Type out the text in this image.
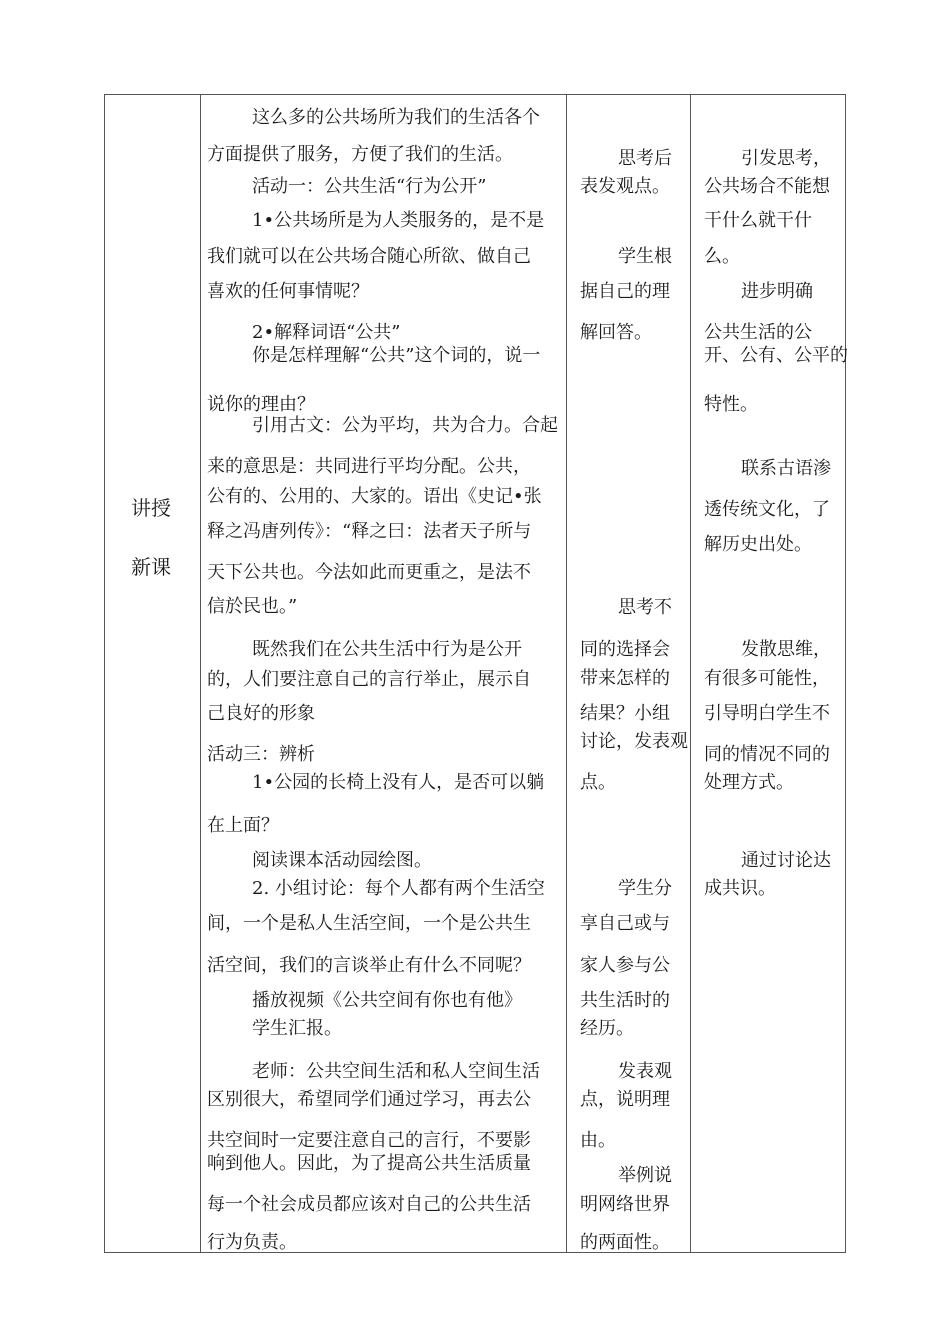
讲授
新课
这么多的公共场所为我们的生活各个
方面提供了服务，方便了我们的生活。
活动一：公共生活“行为公开”
1•公共场所是为人类服务的，是不是
我们就可以在公共场合随心所欲、做自己
喜欢的任何事情呢？
2•解释词语“公共”
你是怎样理解“公共”这个词的，说一
说你的理由？
引用古文：公为平均，共为合力。合起
来的意思是：共同进行平均分配。公共，
公有的、公用的、大家的。语出《史记•张
释之冯唐列传》：“释之曰：法者天子所与
天下公共也。今法如此而更重之，是法不
信於民也。”
既然我们在公共生活中行为是公开
的，人们要注意自己的言行举止，展示自
己良好的形象
活动三：辨析
1•公园的长椅上没有人，是否可以躺
在上面？
阅读课本活动园绘图。
2. 小组讨论：每个人都有两个生活空
间，一个是私人生活空间，一个是公共生
活空间，我们的言谈举止有什么不同呢？
播放视频《公共空间有你也有他》
学生汇报。
老师：公共空间生活和私人空间生活
区别很大，希望同学们通过学习，再去公
共空间时一定要注意自己的言行，不要影
响到他人。因此，为了提高公共生活质量
每一个社会成员都应该对自己的公共生活
行为负责。
思考后
表发观点。
学生根
据自己的理
解回答。
思考不
同的选择会
带来怎样的
结果？小组
讨论，发表观
点。
学生分
享自己或与
家人参与公
共生活时的
经历。
发表观
点，说明理
由。
举例说
明网络世界
的两面性。
引发思考，
公共场合不能想
干什么就干什
么。
进步明确
公共生活的公
开、公有、公平的
特性。
联系古语渗
透传统文化，了
解历史出处。
发散思维，
有很多可能性，
引导明白学生不
同的情况不同的
处理方式。
通过讨论达
成共识。
